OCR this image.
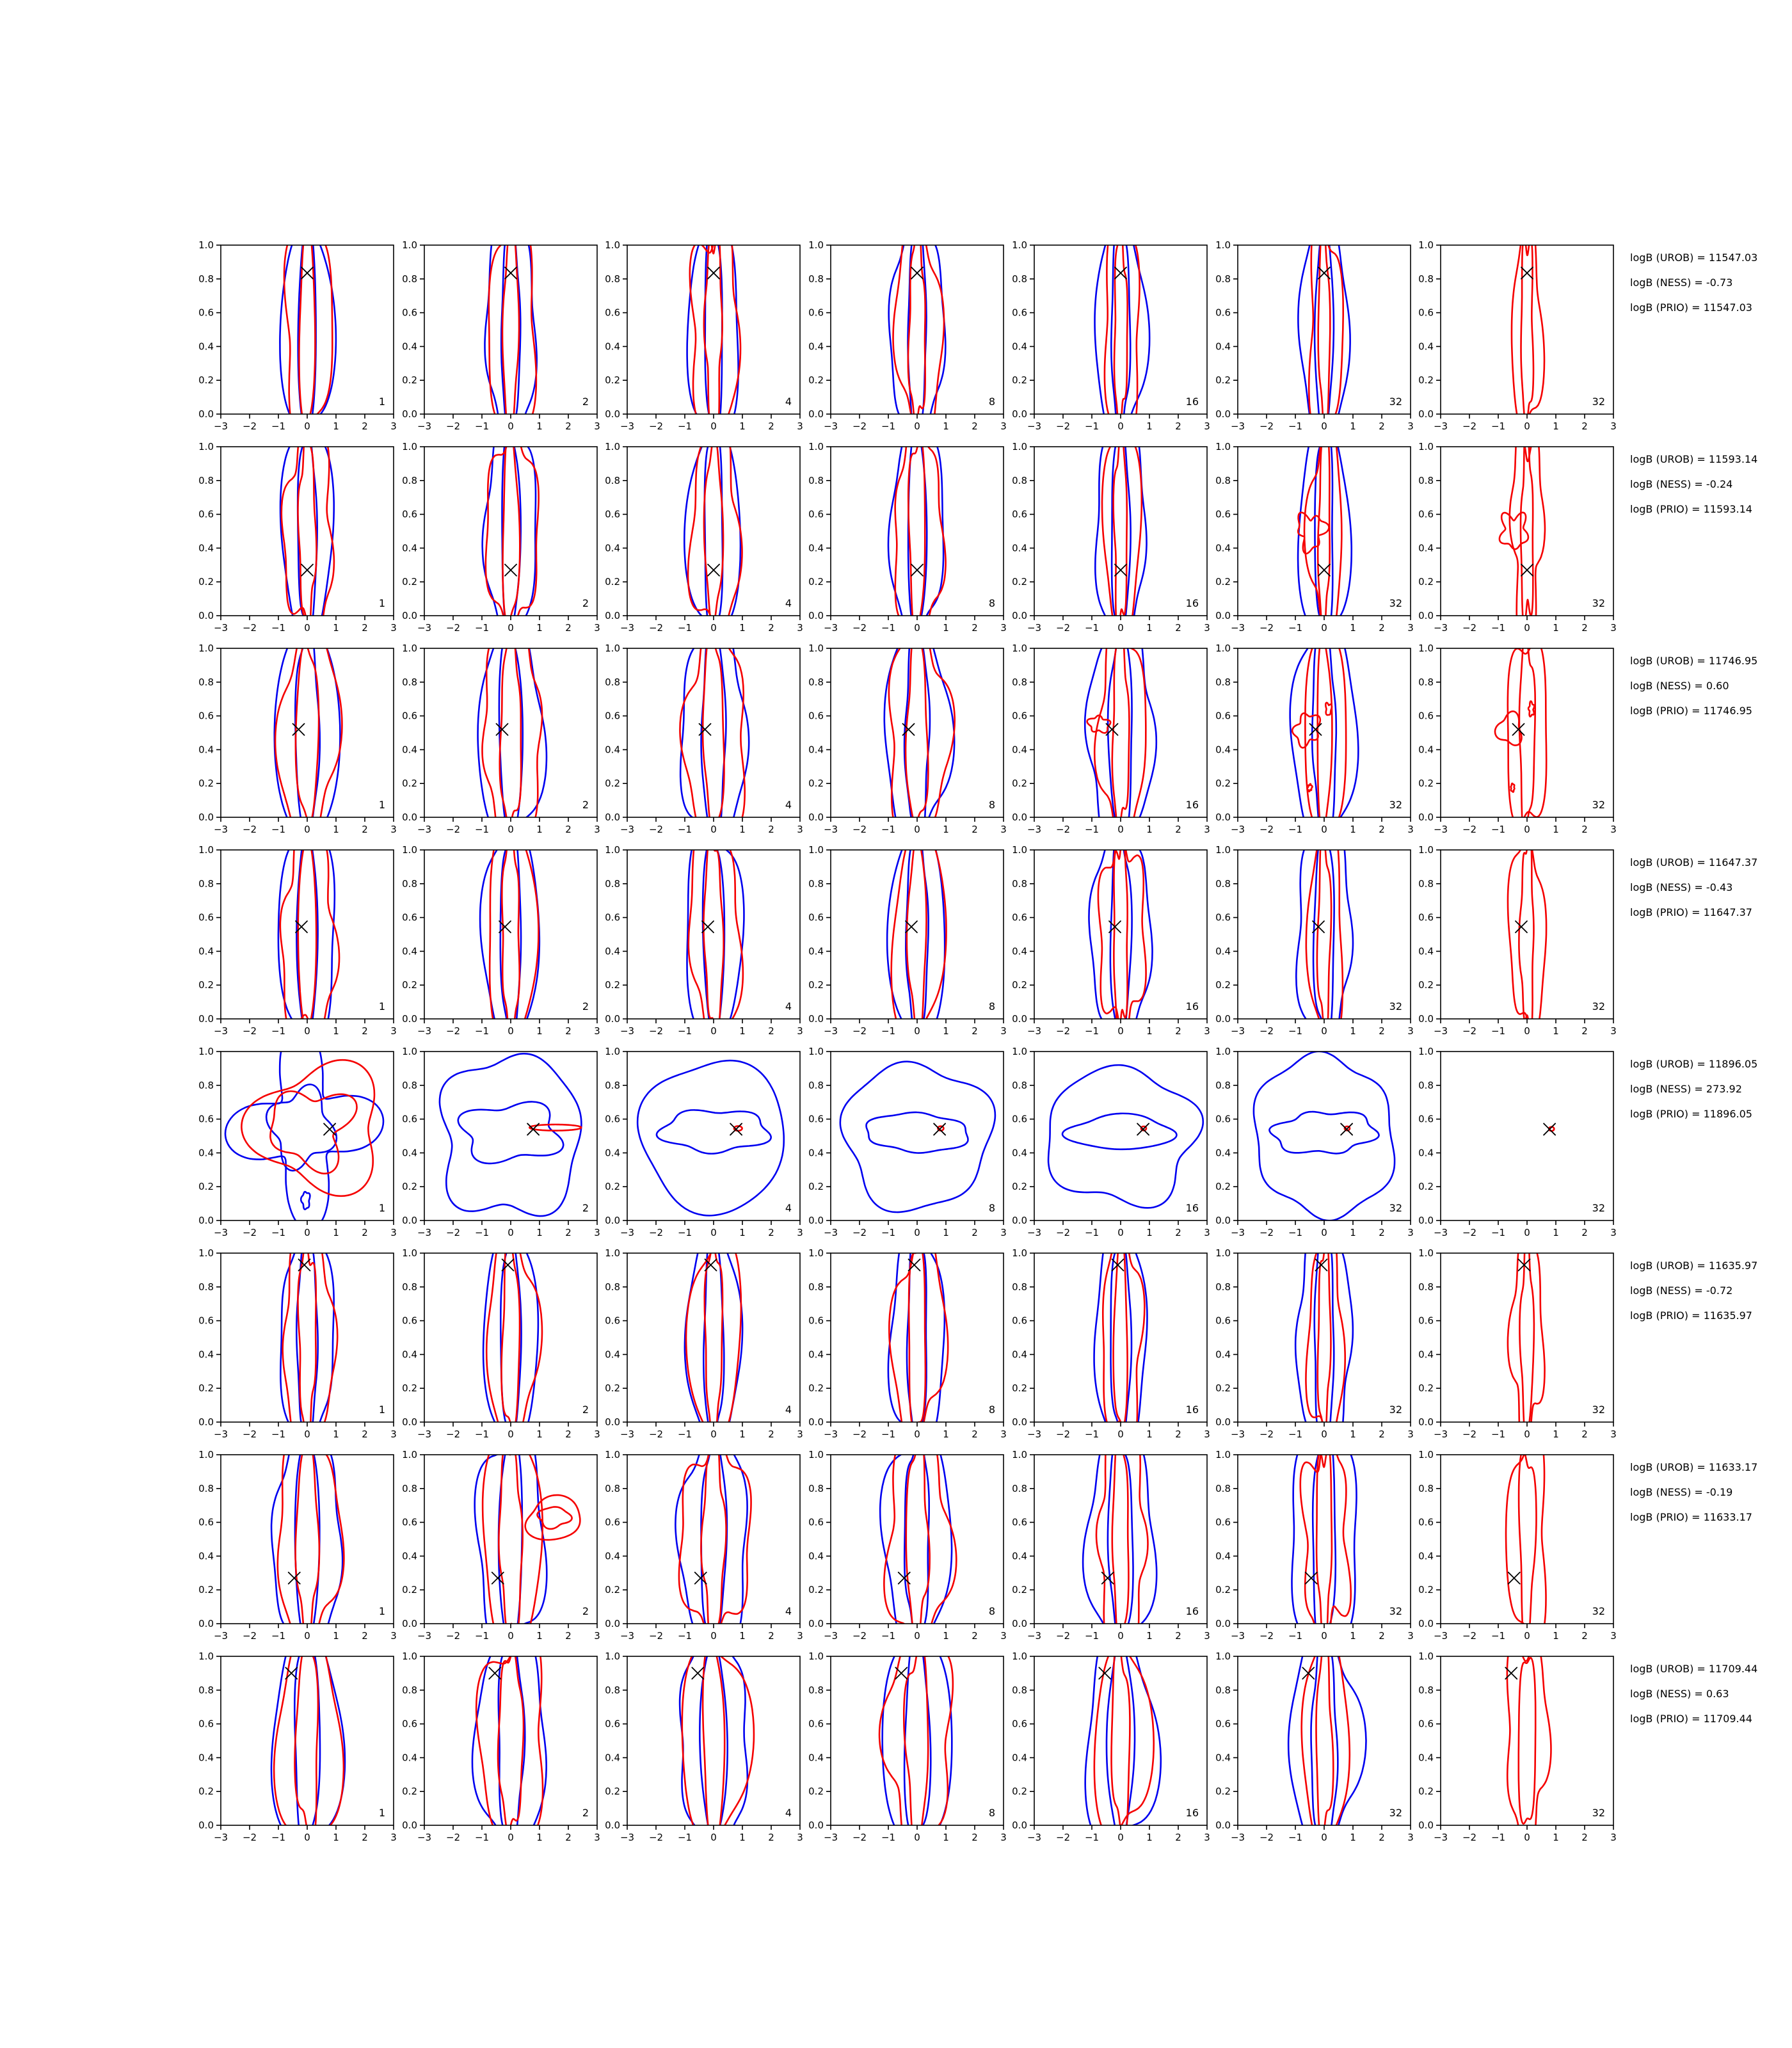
−3 −2 −1 0 1 2 3
0.0
0.2
0.4
0.6
0.8
1.0
1
−3 −2 −1 0 1 2 3
0.0
0.2
0.4
0.6
0.8
1.0
2
−3 −2 −1 0 1 2 3
0.0
0.2
0.4
0.6
0.8
1.0
4
−3 −2 −1 0 1 2 3
0.0
0.2
0.4
0.6
0.8
1.0
8
−3 −2 −1 0 1 2 3
0.0
0.2
0.4
0.6
0.8
1.0
16
−3 −2 −1 0 1 2 3
0.0
0.2
0.4
0.6
0.8
1.0
32
−3 −2 −1 0 1 2 3
0.0
0.2
0.4
0.6
0.8
1.0
32
logB (UROB) = 11547.03
logB (NESS) = -0.73
logB (PRIO) = 11547.03
−3 −2 −1 0 1 2 3
0.0
0.2
0.4
0.6
0.8
1.0
1
−3 −2 −1 0 1 2 3
0.0
0.2
0.4
0.6
0.8
1.0
2
−3 −2 −1 0 1 2 3
0.0
0.2
0.4
0.6
0.8
1.0
4
−3 −2 −1 0 1 2 3
0.0
0.2
0.4
0.6
0.8
1.0
8
−3 −2 −1 0 1 2 3
0.0
0.2
0.4
0.6
0.8
1.0
16
−3 −2 −1 0 1 2 3
0.0
0.2
0.4
0.6
0.8
1.0
32
−3 −2 −1 0 1 2 3
0.0
0.2
0.4
0.6
0.8
1.0
32
logB (UROB) = 11593.14
logB (NESS) = -0.24
logB (PRIO) = 11593.14
−3 −2 −1 0 1 2 3
0.0
0.2
0.4
0.6
0.8
1.0
1
−3 −2 −1 0 1 2 3
0.0
0.2
0.4
0.6
0.8
1.0
2
−3 −2 −1 0 1 2 3
0.0
0.2
0.4
0.6
0.8
1.0
4
−3 −2 −1 0 1 2 3
0.0
0.2
0.4
0.6
0.8
1.0
8
−3 −2 −1 0 1 2 3
0.0
0.2
0.4
0.6
0.8
1.0
16
−3 −2 −1 0 1 2 3
0.0
0.2
0.4
0.6
0.8
1.0
32
−3 −2 −1 0 1 2 3
0.0
0.2
0.4
0.6
0.8
1.0
32
logB (UROB) = 11746.95
logB (NESS) = 0.60
logB (PRIO) = 11746.95
−3 −2 −1 0 1 2 3
0.0
0.2
0.4
0.6
0.8
1.0
1
−3 −2 −1 0 1 2 3
0.0
0.2
0.4
0.6
0.8
1.0
2
−3 −2 −1 0 1 2 3
0.0
0.2
0.4
0.6
0.8
1.0
4
−3 −2 −1 0 1 2 3
0.0
0.2
0.4
0.6
0.8
1.0
8
−3 −2 −1 0 1 2 3
0.0
0.2
0.4
0.6
0.8
1.0
16
−3 −2 −1 0 1 2 3
0.0
0.2
0.4
0.6
0.8
1.0
32
−3 −2 −1 0 1 2 3
0.0
0.2
0.4
0.6
0.8
1.0
32
logB (UROB) = 11647.37
logB (NESS) = -0.43
logB (PRIO) = 11647.37
−3 −2 −1 0 1 2 3
0.0
0.2
0.4
0.6
0.8
1.0
1
−3 −2 −1 0 1 2 3
0.0
0.2
0.4
0.6
0.8
1.0
2
−3 −2 −1 0 1 2 3
0.0
0.2
0.4
0.6
0.8
1.0
4
−3 −2 −1 0 1 2 3
0.0
0.2
0.4
0.6
0.8
1.0
8
−3 −2 −1 0 1 2 3
0.0
0.2
0.4
0.6
0.8
1.0
16
−3 −2 −1 0 1 2 3
0.0
0.2
0.4
0.6
0.8
1.0
32
−3 −2 −1 0 1 2 3
0.0
0.2
0.4
0.6
0.8
1.0
32
logB (UROB) = 11896.05
logB (NESS) = 273.92
logB (PRIO) = 11896.05
−3 −2 −1 0 1 2 3
0.0
0.2
0.4
0.6
0.8
1.0
1
−3 −2 −1 0 1 2 3
0.0
0.2
0.4
0.6
0.8
1.0
2
−3 −2 −1 0 1 2 3
0.0
0.2
0.4
0.6
0.8
1.0
4
−3 −2 −1 0 1 2 3
0.0
0.2
0.4
0.6
0.8
1.0
8
−3 −2 −1 0 1 2 3
0.0
0.2
0.4
0.6
0.8
1.0
16
−3 −2 −1 0 1 2 3
0.0
0.2
0.4
0.6
0.8
1.0
32
−3 −2 −1 0 1 2 3
0.0
0.2
0.4
0.6
0.8
1.0
32
logB (UROB) = 11635.97
logB (NESS) = -0.72
logB (PRIO) = 11635.97
−3 −2 −1 0 1 2 3
0.0
0.2
0.4
0.6
0.8
1.0
1
−3 −2 −1 0 1 2 3
0.0
0.2
0.4
0.6
0.8
1.0
2
−3 −2 −1 0 1 2 3
0.0
0.2
0.4
0.6
0.8
1.0
4
−3 −2 −1 0 1 2 3
0.0
0.2
0.4
0.6
0.8
1.0
8
−3 −2 −1 0 1 2 3
0.0
0.2
0.4
0.6
0.8
1.0
16
−3 −2 −1 0 1 2 3
0.0
0.2
0.4
0.6
0.8
1.0
32
−3 −2 −1 0 1 2 3
0.0
0.2
0.4
0.6
0.8
1.0
32
logB (UROB) = 11633.17
logB (NESS) = -0.19
logB (PRIO) = 11633.17
−3 −2 −1 0 1 2 3
0.0
0.2
0.4
0.6
0.8
1.0
1
−3 −2 −1 0 1 2 3
0.0
0.2
0.4
0.6
0.8
1.0
2
−3 −2 −1 0 1 2 3
0.0
0.2
0.4
0.6
0.8
1.0
4
−3 −2 −1 0 1 2 3
0.0
0.2
0.4
0.6
0.8
1.0
8
−3 −2 −1 0 1 2 3
0.0
0.2
0.4
0.6
0.8
1.0
16
−3 −2 −1 0 1 2 3
0.0
0.2
0.4
0.6
0.8
1.0
32
−3 −2 −1 0 1 2 3
0.0
0.2
0.4
0.6
0.8
1.0
32
logB (UROB) = 11709.44
logB (NESS) = 0.63
logB (PRIO) = 11709.44
